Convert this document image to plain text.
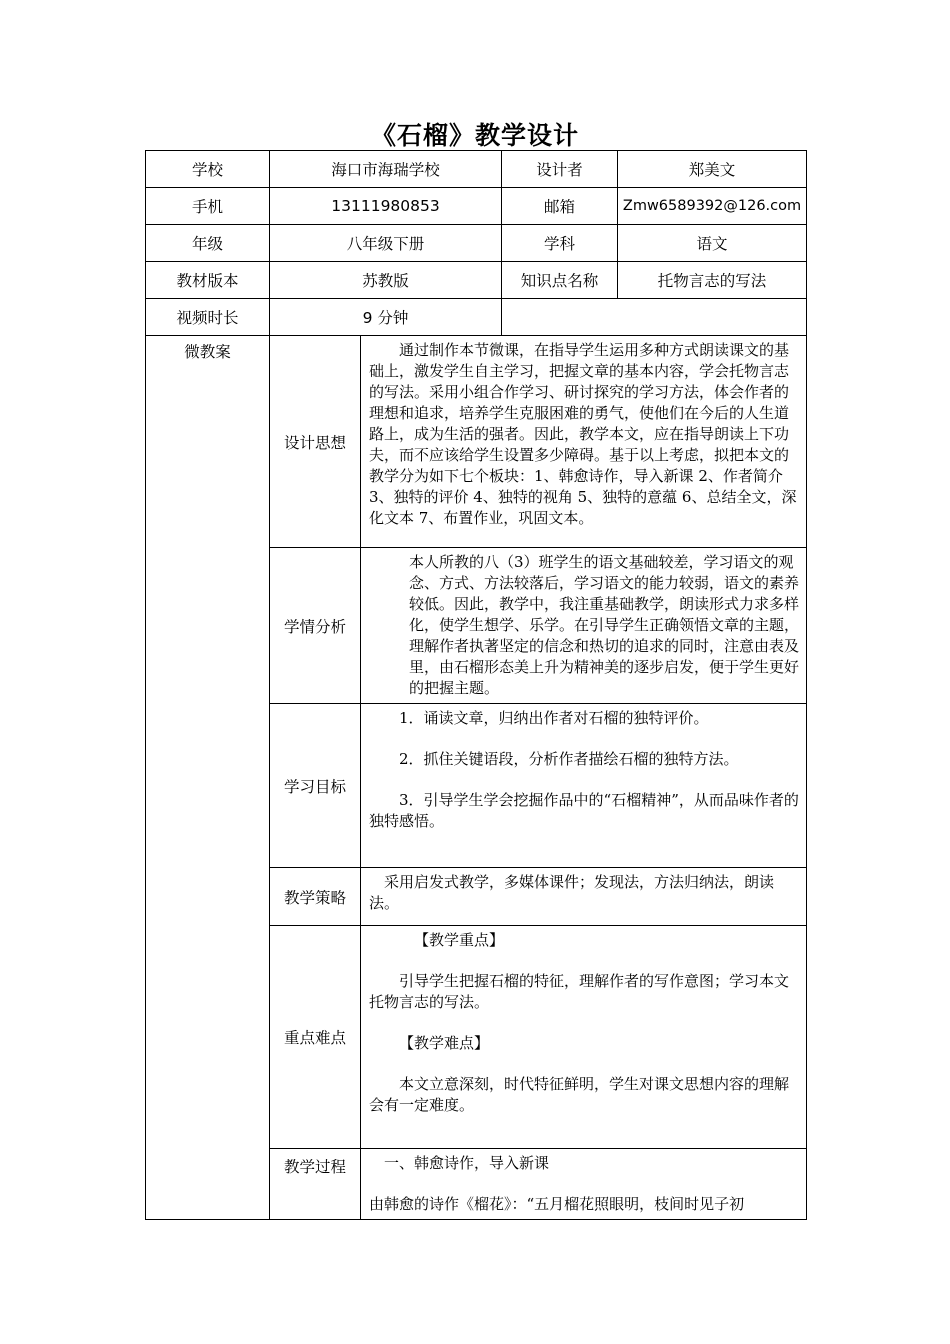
《石榴》教学设计
学校	海口市海瑞学校		设计者	郑美文
手机	13111980853		邮箱	Zmw6589392@126.com
年级	八年级下册		学科	语文
教材版本	苏教版		知识点名称	托物言志的写法
视频时长	9 分钟			
微教案	设计思想	通过制作本节微课，在指导学生运用多种方式朗读课文的基础上，激发学生自主学习，把握文章的基本内容，学会托物言志的写法。采用小组合作学习、研讨探究的学习方法，体会作者的理想和追求，培养学生克服困难的勇气，使他们在今后的人生道路上，成为生活的强者。因此，教学本文，应在指导朗读上下功夫，而不应该给学生设置多少障碍。基于以上考虑，拟把本文的教学分为如下七个板块：1、韩愈诗作，导入新课 2、作者简介 3、独特的评价 4、独特的视角 5、独特的意蕴 6、总结全文，深化文本 7、布置作业，巩固文本。		

	学情分析	本人所教的八（3）班学生的语文基础较差，学习语文的观念、方式、方法较落后，学习语文的能力较弱，语文的素养较低。因此，教学中，我注重基础教学，朗读形式力求多样化，使学生想学、乐学。在引导学生正确领悟文章的主题，理解作者执著坚定的信念和热切的追求的同时，注意由表及里，由石榴形态美上升为精神美的逐步启发，便于学生更好的把握主题。		

	学习目标	1．诵读文章，归纳出作者对石榴的独特评价。

2．抓住关键语段，分析作者描绘石榴的独特方法。

3．引导学生学会挖掘作品中的“石榴精神”，从而品味作者的独特感悟。		

	教学策略	采用启发式教学，多媒体课件；发现法，方法归纳法，朗读法。		

	重点难点	【教学重点】

引导学生把握石榴的特征，理解作者的写作意图；学习本文托物言志的写法。

【教学难点】

本文立意深刻，时代特征鲜明，学生对课文思想内容的理解会有一定难度。		

	教学过程	一、韩愈诗作，导入新课

由韩愈的诗作《榴花》：“五月榴花照眼明，枝间时见子初		
